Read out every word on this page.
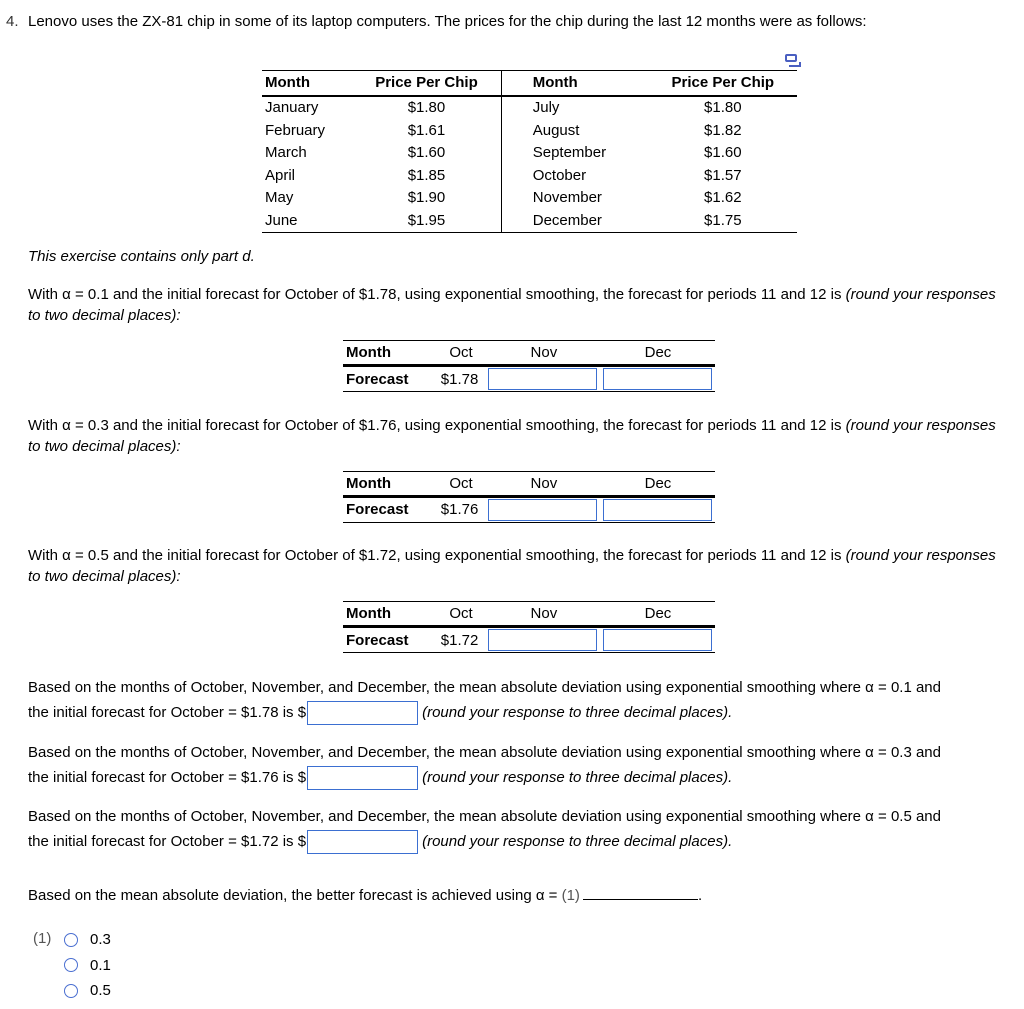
4. Lenovo uses the ZX-81 chip in some of its laptop computers. The prices for the chip during the last 12 months were as follows:
Month	Price Per Chip	Month	Price Per Chip
January	$1.80	July	$1.80
February	$1.61	August	$1.82
March	$1.60	September	$1.60
April	$1.85	October	$1.57
May	$1.90	November	$1.62
June	$1.95	December	$1.75
This exercise contains only part d.
With α = 0.1 and the initial forecast for October of $1.78, using exponential smoothing, the forecast for periods 11 and 12 is (round your responses to two decimal places):
Month	Oct	Nov	Dec
Forecast	$1.78
With α = 0.3 and the initial forecast for October of $1.76, using exponential smoothing, the forecast for periods 11 and 12 is (round your responses to two decimal places):
Month	Oct	Nov	Dec
Forecast	$1.76
With α = 0.5 and the initial forecast for October of $1.72, using exponential smoothing, the forecast for periods 11 and 12 is (round your responses to two decimal places):
Month	Oct	Nov	Dec
Forecast	$1.72
Based on the months of October, November, and December, the mean absolute deviation using exponential smoothing where α = 0.1 and
the initial forecast for October = $1.78 is $	(round your response to three decimal places).
Based on the months of October, November, and December, the mean absolute deviation using exponential smoothing where α = 0.3 and
the initial forecast for October = $1.76 is $	(round your response to three decimal places).
Based on the months of October, November, and December, the mean absolute deviation using exponential smoothing where α = 0.5 and
the initial forecast for October = $1.72 is $	(round your response to three decimal places).
Based on the mean absolute deviation, the better forecast is achieved using α = (1)	.
(1)	0.3
0.1
0.5
